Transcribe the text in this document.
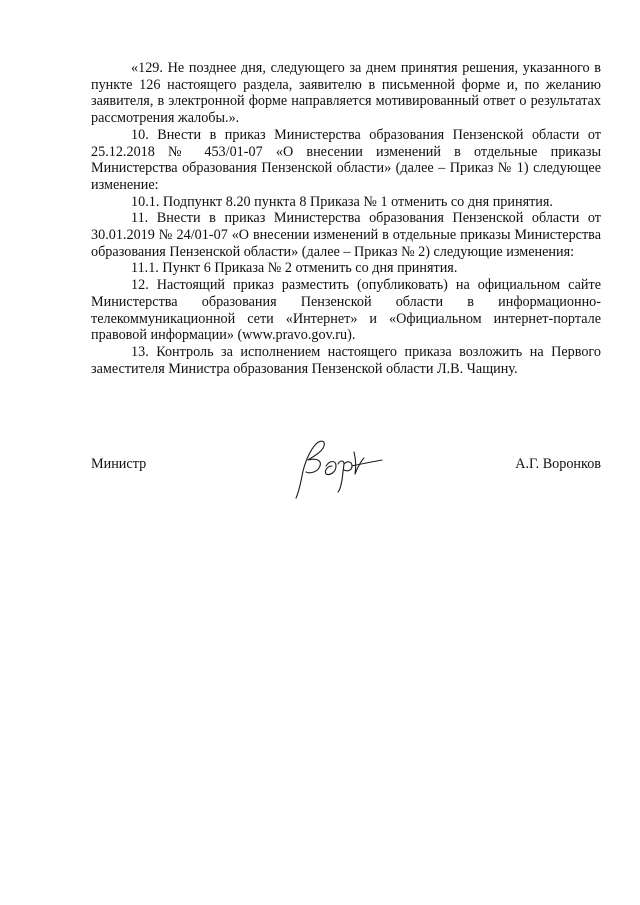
«129. Не позднее дня, следующего за днем принятия решения, указанного в пункте 126 настоящего раздела, заявителю в письменной форме и, по желанию заявителя, в электронной форме направляется мотивированный ответ о результатах рассмотрения жалобы.».

10. Внести в приказ Министерства образования Пензенской области от 25.12.2018 № 453/01-07 «О внесении изменений в отдельные приказы Министерства образования Пензенской области» (далее – Приказ № 1) следующее изменение:

10.1. Подпункт 8.20 пункта 8 Приказа № 1 отменить со дня принятия.

11. Внести в приказ Министерства образования Пензенской области от 30.01.2019 № 24/01-07 «О внесении изменений в отдельные приказы Министерства образования Пензенской области» (далее – Приказ № 2) следующие изменения:

11.1. Пункт 6 Приказа № 2 отменить со дня принятия.

12. Настоящий приказ разместить (опубликовать) на официальном сайте Министерства образования Пензенской области в информационно-телекоммуникационной сети «Интернет» и «Официальном интернет-портале правовой информации» (www.pravo.gov.ru).

13. Контроль за исполнением настоящего приказа возложить на Первого заместителя Министра образования Пензенской области Л.В. Чащину.

Министр	А.Г. Воронков
